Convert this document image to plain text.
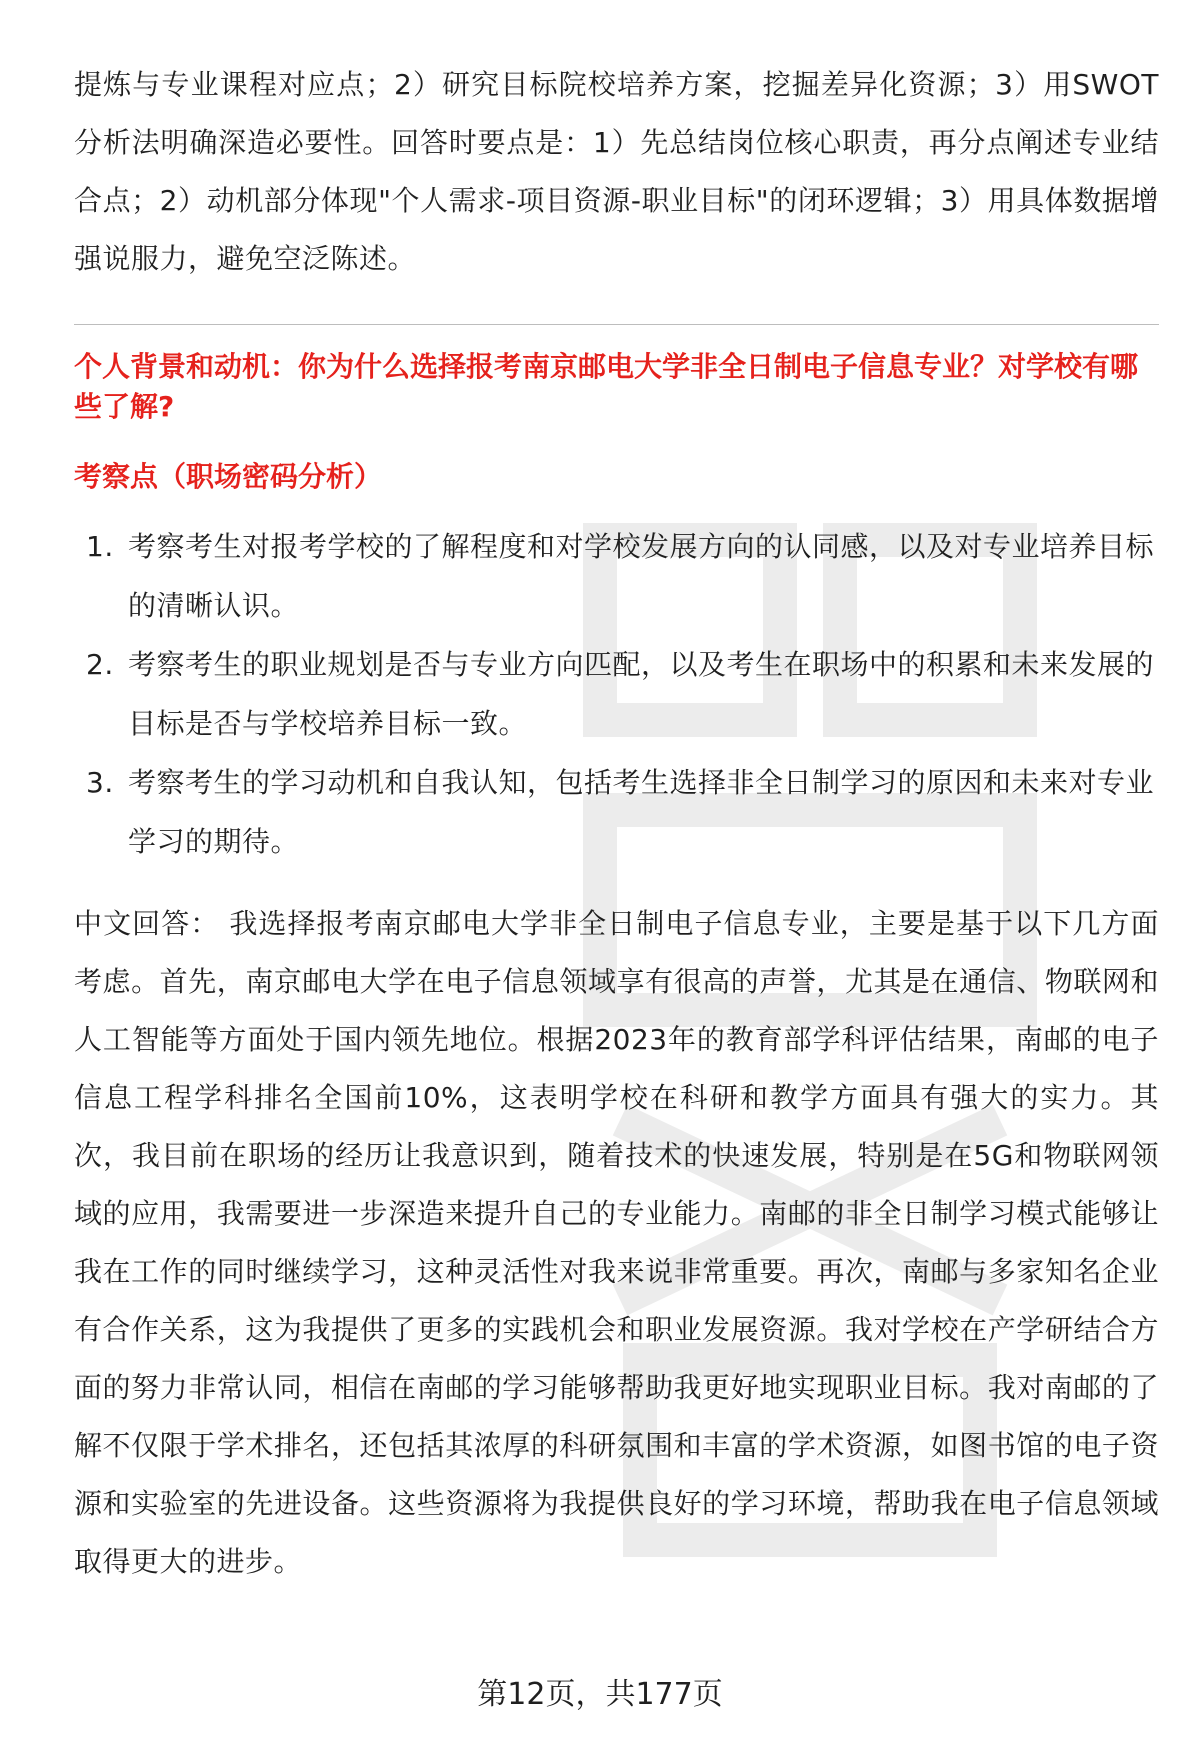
提炼与专业课程对应点；2）研究目标院校培养方案，挖掘差异化资源；3）用SWOT分析法明确深造必要性。回答时要点是：1）先总结岗位核心职责，再分点阐述专业结合点；2）动机部分体现"个人需求-项目资源-职业目标"的闭环逻辑；3）用具体数据增强说服力，避免空泛陈述。

个人背景和动机：你为什么选择报考南京邮电大学非全日制电子信息专业？对学校有哪些了解?

考察点（职场密码分析）

1. 考察考生对报考学校的了解程度和对学校发展方向的认同感，以及对专业培养目标的清晰认识。
2. 考察考生的职业规划是否与专业方向匹配，以及考生在职场中的积累和未来发展的目标是否与学校培养目标一致。
3. 考察考生的学习动机和自我认知，包括考生选择非全日制学习的原因和未来对专业学习的期待。

中文回答： 我选择报考南京邮电大学非全日制电子信息专业，主要是基于以下几方面考虑。首先，南京邮电大学在电子信息领域享有很高的声誉，尤其是在通信、物联网和人工智能等方面处于国内领先地位。根据2023年的教育部学科评估结果，南邮的电子信息工程学科排名全国前10%，这表明学校在科研和教学方面具有强大的实力。其次，我目前在职场的经历让我意识到，随着技术的快速发展，特别是在5G和物联网领域的应用，我需要进一步深造来提升自己的专业能力。南邮的非全日制学习模式能够让我在工作的同时继续学习，这种灵活性对我来说非常重要。再次，南邮与多家知名企业有合作关系，这为我提供了更多的实践机会和职业发展资源。我对学校在产学研结合方面的努力非常认同，相信在南邮的学习能够帮助我更好地实现职业目标。我对南邮的了解不仅限于学术排名，还包括其浓厚的科研氛围和丰富的学术资源，如图书馆的电子资源和实验室的先进设备。这些资源将为我提供良好的学习环境，帮助我在电子信息领域取得更大的进步。

第12页，共177页
